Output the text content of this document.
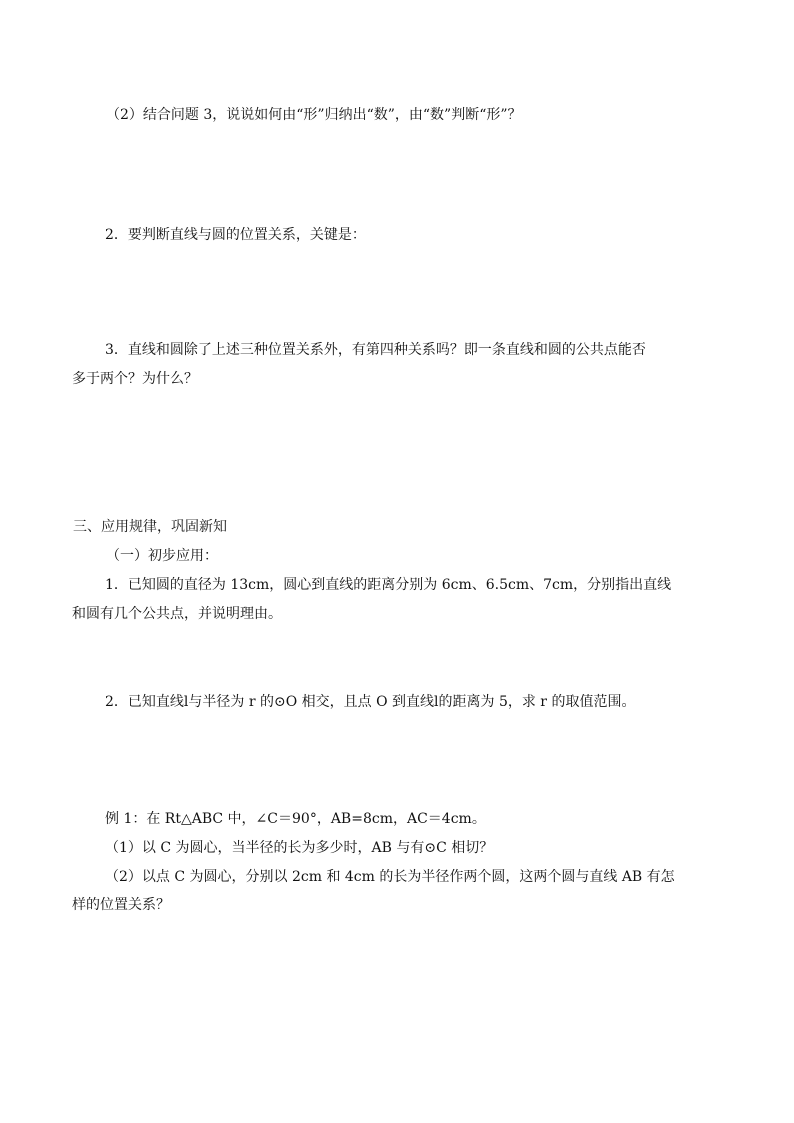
（2）结合问题 3，说说如何由“形”归纳出“数”，由“数”判断“形”？

2．要判断直线与圆的位置关系，关键是：

3．直线和圆除了上述三种位置关系外，有第四种关系吗？即一条直线和圆的公共点能否

多于两个？为什么？

三、应用规律，巩固新知

（一）初步应用：

1．已知圆的直径为 13cm，圆心到直线的距离分别为 6cm、6.5cm、7cm，分别指出直线

和圆有几个公共点，并说明理由。

2．已知直线l与半径为 r 的⊙O 相交，且点 O 到直线l的距离为 5，求 r 的取值范围。

例 1：在 Rt△ABC 中，∠C＝90°，AB=8cm，AC＝4cm。

（1）以 C 为圆心，当半径的长为多少时，AB 与有⊙C 相切？

（2）以点 C 为圆心，分别以 2cm 和 4cm 的长为半径作两个圆，这两个圆与直线 AB 有怎

样的位置关系？
